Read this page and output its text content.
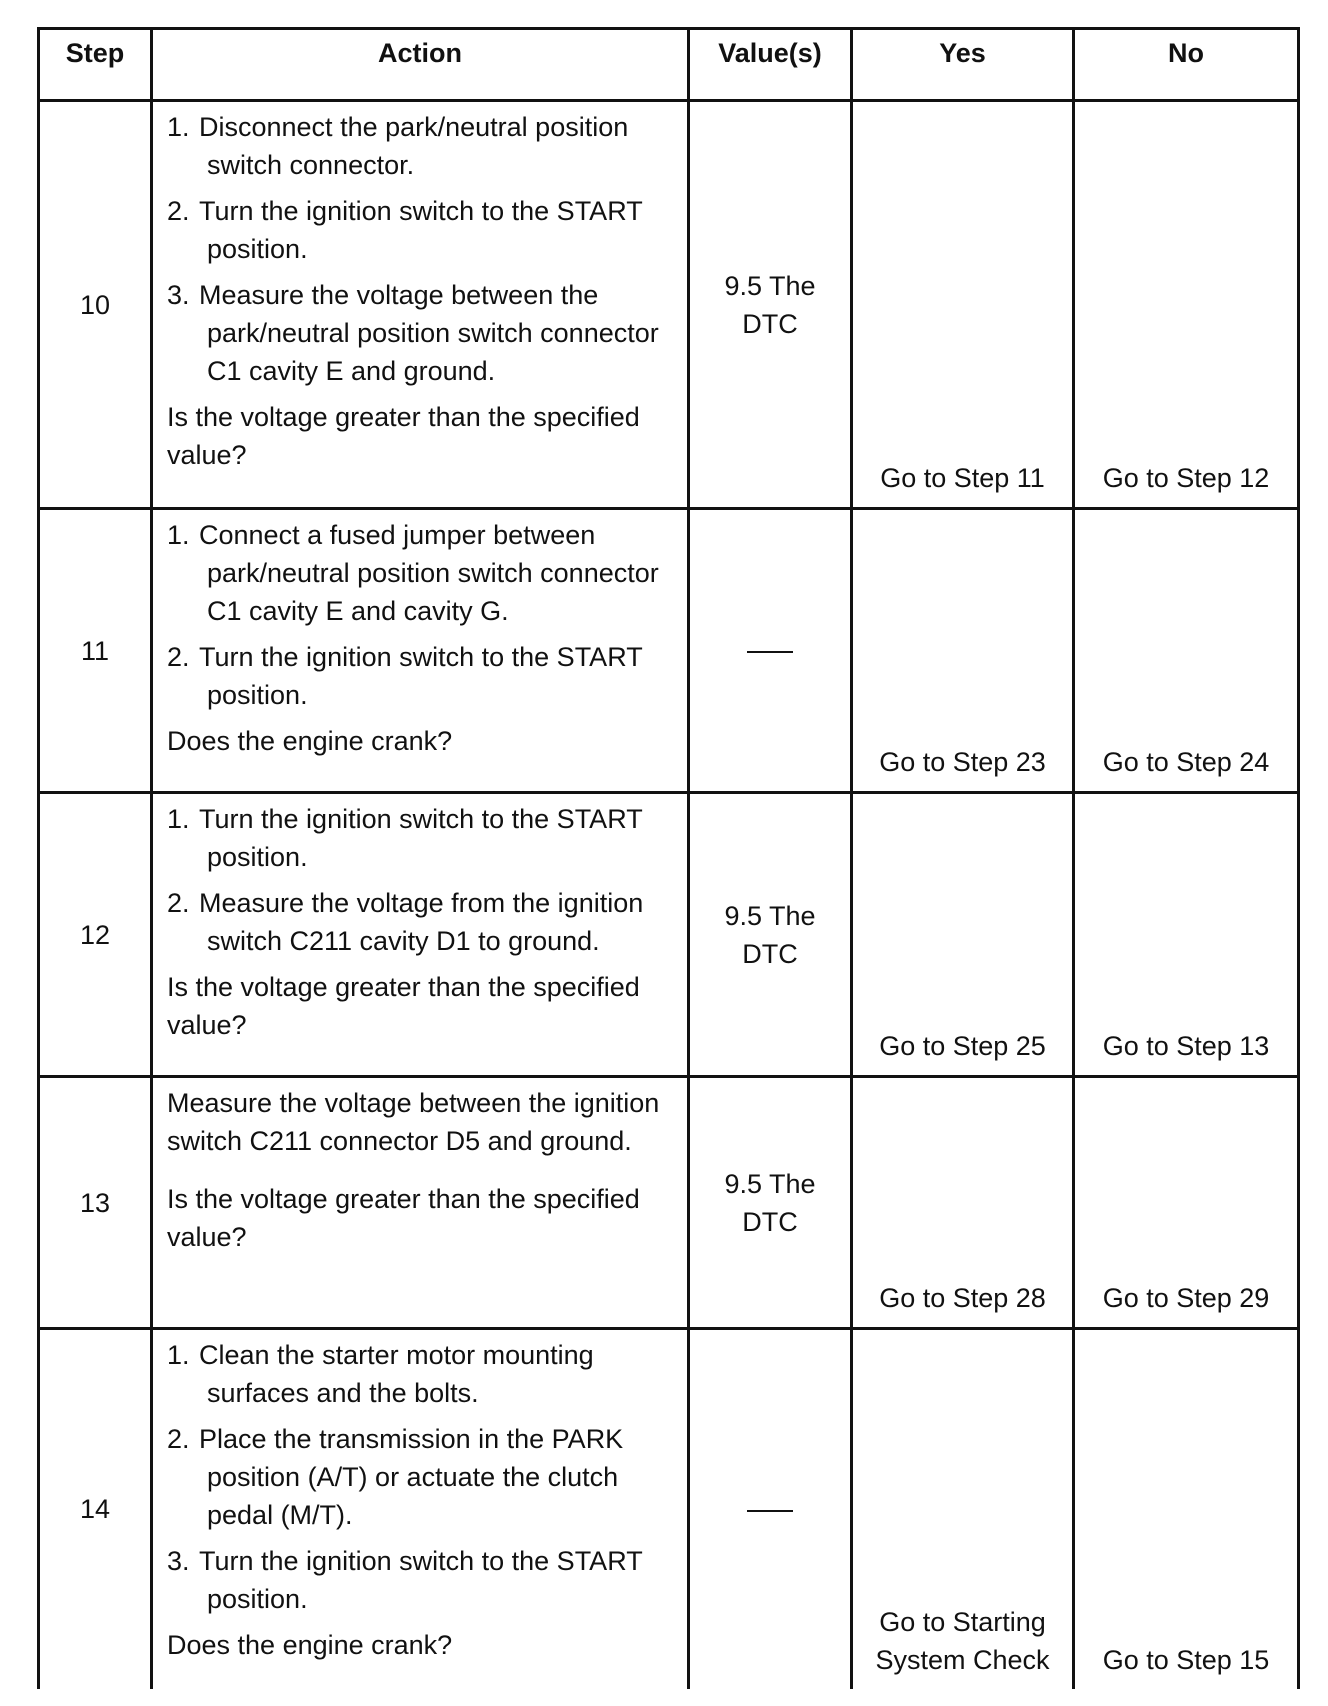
Step	Action	Value(s)	Yes	No
10	1. Disconnect the park/neutral position switch connector.

2. Turn the ignition switch to the START position.

3. Measure the voltage between the park/neutral position switch connector C1 cavity E and ground.

Is the voltage greater than the specified value?	9.5 The DTC	Go to Step 11	Go to Step 12
11	1. Connect a fused jumper between park/neutral position switch connector C1 cavity E and cavity G.

2. Turn the ignition switch to the START position.

Does the engine crank?		Go to Step 23	Go to Step 24
12	1. Turn the ignition switch to the START position.

2. Measure the voltage from the ignition switch C211 cavity D1 to ground.

Is the voltage greater than the specified value?	9.5 The DTC	Go to Step 25	Go to Step 13
13	Measure the voltage between the ignition switch C211 connector D5 and ground.

Is the voltage greater than the specified value?	9.5 The DTC	Go to Step 28	Go to Step 29
14	1. Clean the starter motor mounting surfaces and the bolts.

2. Place the transmission in the PARK position (A/T) or actuate the clutch pedal (M/T).

3. Turn the ignition switch to the START position.

Does the engine crank?		Go to Starting System Check	Go to Step 15
